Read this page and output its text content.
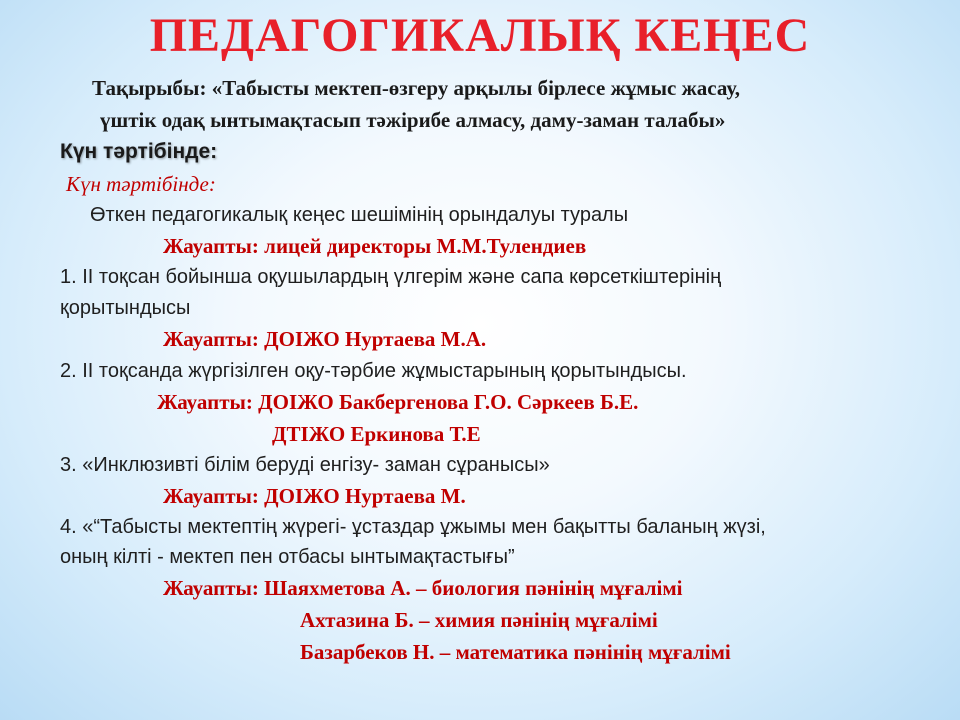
ПЕДАГОГИКАЛЫҚ КЕҢЕС
Тақырыбы: «Табысты мектеп-өзгеру арқылы бірлесе жұмыс жасау,
үштік одақ ынтымақтасып тәжірибе алмасу, даму-заман талабы»
Күн тәртібінде:
Күн тәртібінде:
Өткен педагогикалық кеңес шешімінің орындалуы туралы
Жауапты: лицей директоры М.М.Тулендиев
1. II тоқсан бойынша оқушылардың үлгерім және сапа көрсеткіштерінің
қорытындысы
Жауапты: ДОІЖО Нуртаева М.А.
2. II тоқсанда жүргізілген оқу-тәрбие жұмыстарының қорытындысы.
Жауапты: ДОІЖО Бакбергенова Г.О. Сәркеев Б.Е.
ДТІЖО Еркинова Т.Е
3. «Инклюзивті білім беруді енгізу- заман сұранысы»
Жауапты: ДОІЖО Нуртаева М.
4. «“Табысты мектептің жүрегі- ұстаздар ұжымы мен бақытты баланың жүзі,
оның кілті - мектеп пен отбасы ынтымақтастығы”
Жауапты: Шаяхметова А. – биология пәнінің мұғалімі
Ахтазина Б. – химия пәнінің мұғалімі
Базарбеков Н. – математика пәнінің мұғалімі
